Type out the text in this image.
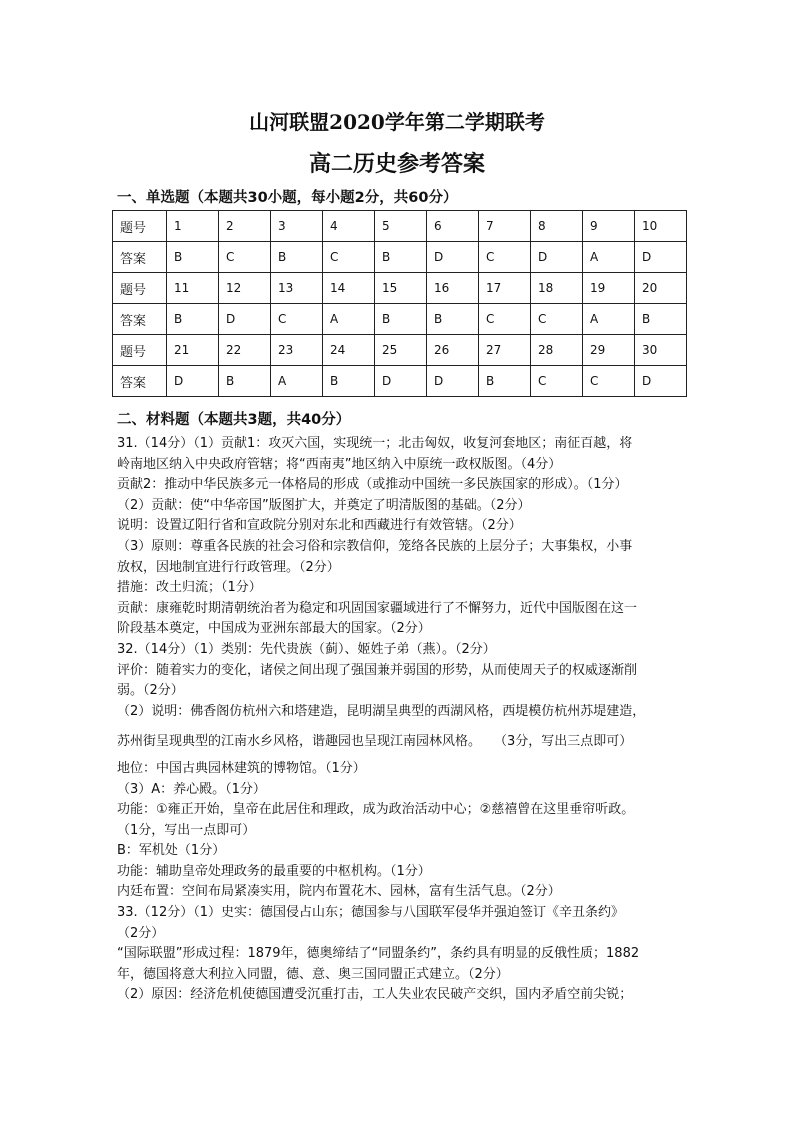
山河联盟2020学年第二学期联考
高二历史参考答案
一、单选题（本题共30小题，每小题2分，共60分）
题号	1	2	3	4	5	6	7	8	9	10
答案	B	C	B	C	B	D	C	D	A	D
题号	11	12	13	14	15	16	17	18	19	20
答案	B	D	C	A	B	B	C	C	A	B
题号	21	22	23	24	25	26	27	28	29	30
答案	D	B	A	B	D	D	B	C	C	D
二、材料题（本题共3题，共40分）

31.（14分）（1）贡献1：攻灭六国，实现统一；北击匈奴，收复河套地区；南征百越，将

岭南地区纳入中央政府管辖；将“西南夷”地区纳入中原统一政权版图。（4分）

贡献2：推动中华民族多元一体格局的形成（或推动中国统一多民族国家的形成）。（1分）

（2）贡献：使“中华帝国”版图扩大，并奠定了明清版图的基础。（2分）

说明：设置辽阳行省和宣政院分别对东北和西藏进行有效管辖。（2分）

（3）原则：尊重各民族的社会习俗和宗教信仰，笼络各民族的上层分子；大事集权，小事

放权，因地制宜进行行政管理。（2分）

措施：改土归流；（1分）

贡献：康雍乾时期清朝统治者为稳定和巩固国家疆域进行了不懈努力，近代中国版图在这一

阶段基本奠定，中国成为亚洲东部最大的国家。（2分）

32.（14分）（1）类别：先代贵族（蓟）、姬姓子弟（燕）。（2分）

评价：随着实力的变化，诸侯之间出现了强国兼并弱国的形势，从而使周天子的权威逐渐削

弱。（2分）

（2）说明：佛香阁仿杭州六和塔建造，昆明湖呈典型的西湖风格，西堤模仿杭州苏堤建造，

苏州街呈现典型的江南水乡风格，谐趣园也呈现江南园林风格。　　（3分，写出三点即可）

地位：中国古典园林建筑的博物馆。（1分）

（3）A：养心殿。（1分）

功能：①雍正开始，皇帝在此居住和理政，成为政治活动中心；②慈禧曾在这里垂帘听政。

（1分，写出一点即可）

B：军机处（1分）

功能：辅助皇帝处理政务的最重要的中枢机构。（1分）

内廷布置：空间布局紧凑实用，院内布置花木、园林，富有生活气息。（2分）

33.（12分）（1）史实：德国侵占山东；德国参与八国联军侵华并强迫签订《辛丑条约》

（2分）

“国际联盟”形成过程：1879年，德奥缔结了“同盟条约”，条约具有明显的反俄性质；1882

年，德国将意大利拉入同盟，德、意、奥三国同盟正式建立。（2分）

（2）原因：经济危机使德国遭受沉重打击，工人失业农民破产交织，国内矛盾空前尖锐；
